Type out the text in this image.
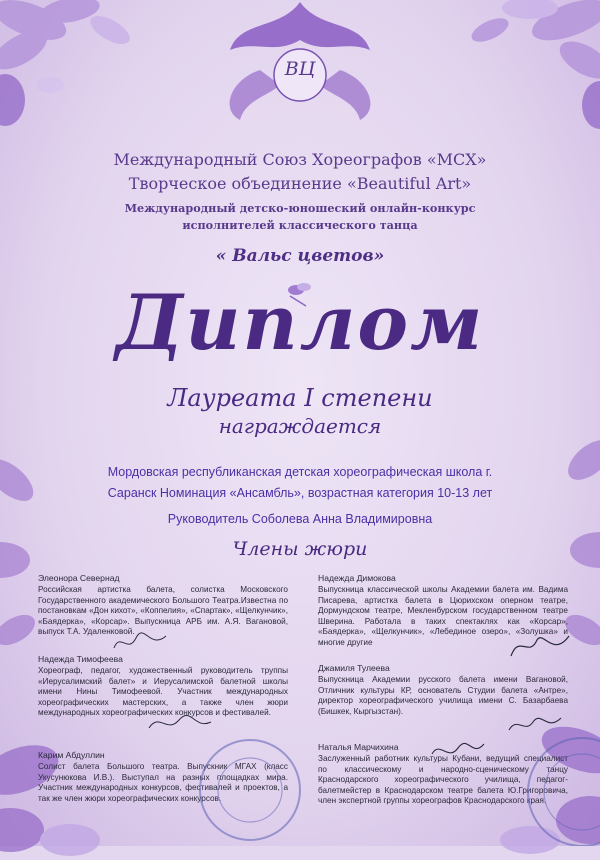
ВЦ
Международный Союз Хореографов «МСХ»
Творческое объединение «Beautiful Art»
Международный детско-юношеский онлайн-конкурс
исполнителей классического танца
« Вальс цветов»
Диплом
Лауреата I степени
награждается
Мордовская республиканская детская хореографическая школа г.
Саранск Номинация «Ансамбль», возрастная категория 10-13 лет
Руководитель Соболева Анна Владимировна
Члены жюри
Элеонора Севернад
Российская артистка балета, солистка Московского Государственного академического Большого Театра.Известна по постановкам «Дон кихот», «Коппелия», «Спартак», «Щелкунчик», «Баядерка», «Корсар». Выпускница АРБ им. А.Я. Вагановой, выпуск Т.А. Удаленковой.
Надежда Тимофеева
Хореограф, педагог, художественный руководитель труппы «Иерусалимский балет» и Иерусалимской балетной школы имени Нины Тимофеевой. Участник международных хореографических мастерских, а также член жюри международных хореографических конкурсов и фестивалей.
Карим Абдуллин
Солист балета Большого театра. Выпускник МГАХ (класс Укусунюкова И.В.). Выступал на разных площадках мира. Участник международных конкурсов, фестивалей и проектов, а так же член жюри хореографических конкурсов.
Надежда Димокова
Выпускница классической школы Академии балета им. Вадима Писарева, артистка балета в Цюрихском оперном театре, Дормундском театре, Мекленбурском государственном театре Шверина. Работала в таких спектаклях как «Корсар», «Баядерка», «Щелкунчик», «Лебединое озеро», «Золушка» и многие другие
Джамиля Тулеева
Выпускница Академии русского балета имени Вагановой, Отличник культуры КР, основатель Студии балета «Антре», директор хореографического училища имени С. Базарбаева (Бишкек, Кыргызстан).
Наталья Марчихина
Заслуженный работник культуры Кубани, ведущий специалист по классическому и народно-сценическому танцу Краснодарского хореографического училища, педагог-балетмейстер в Краснодарском театре балета Ю.Григоровича, член экспертной группы хореографов Краснодарского края.
